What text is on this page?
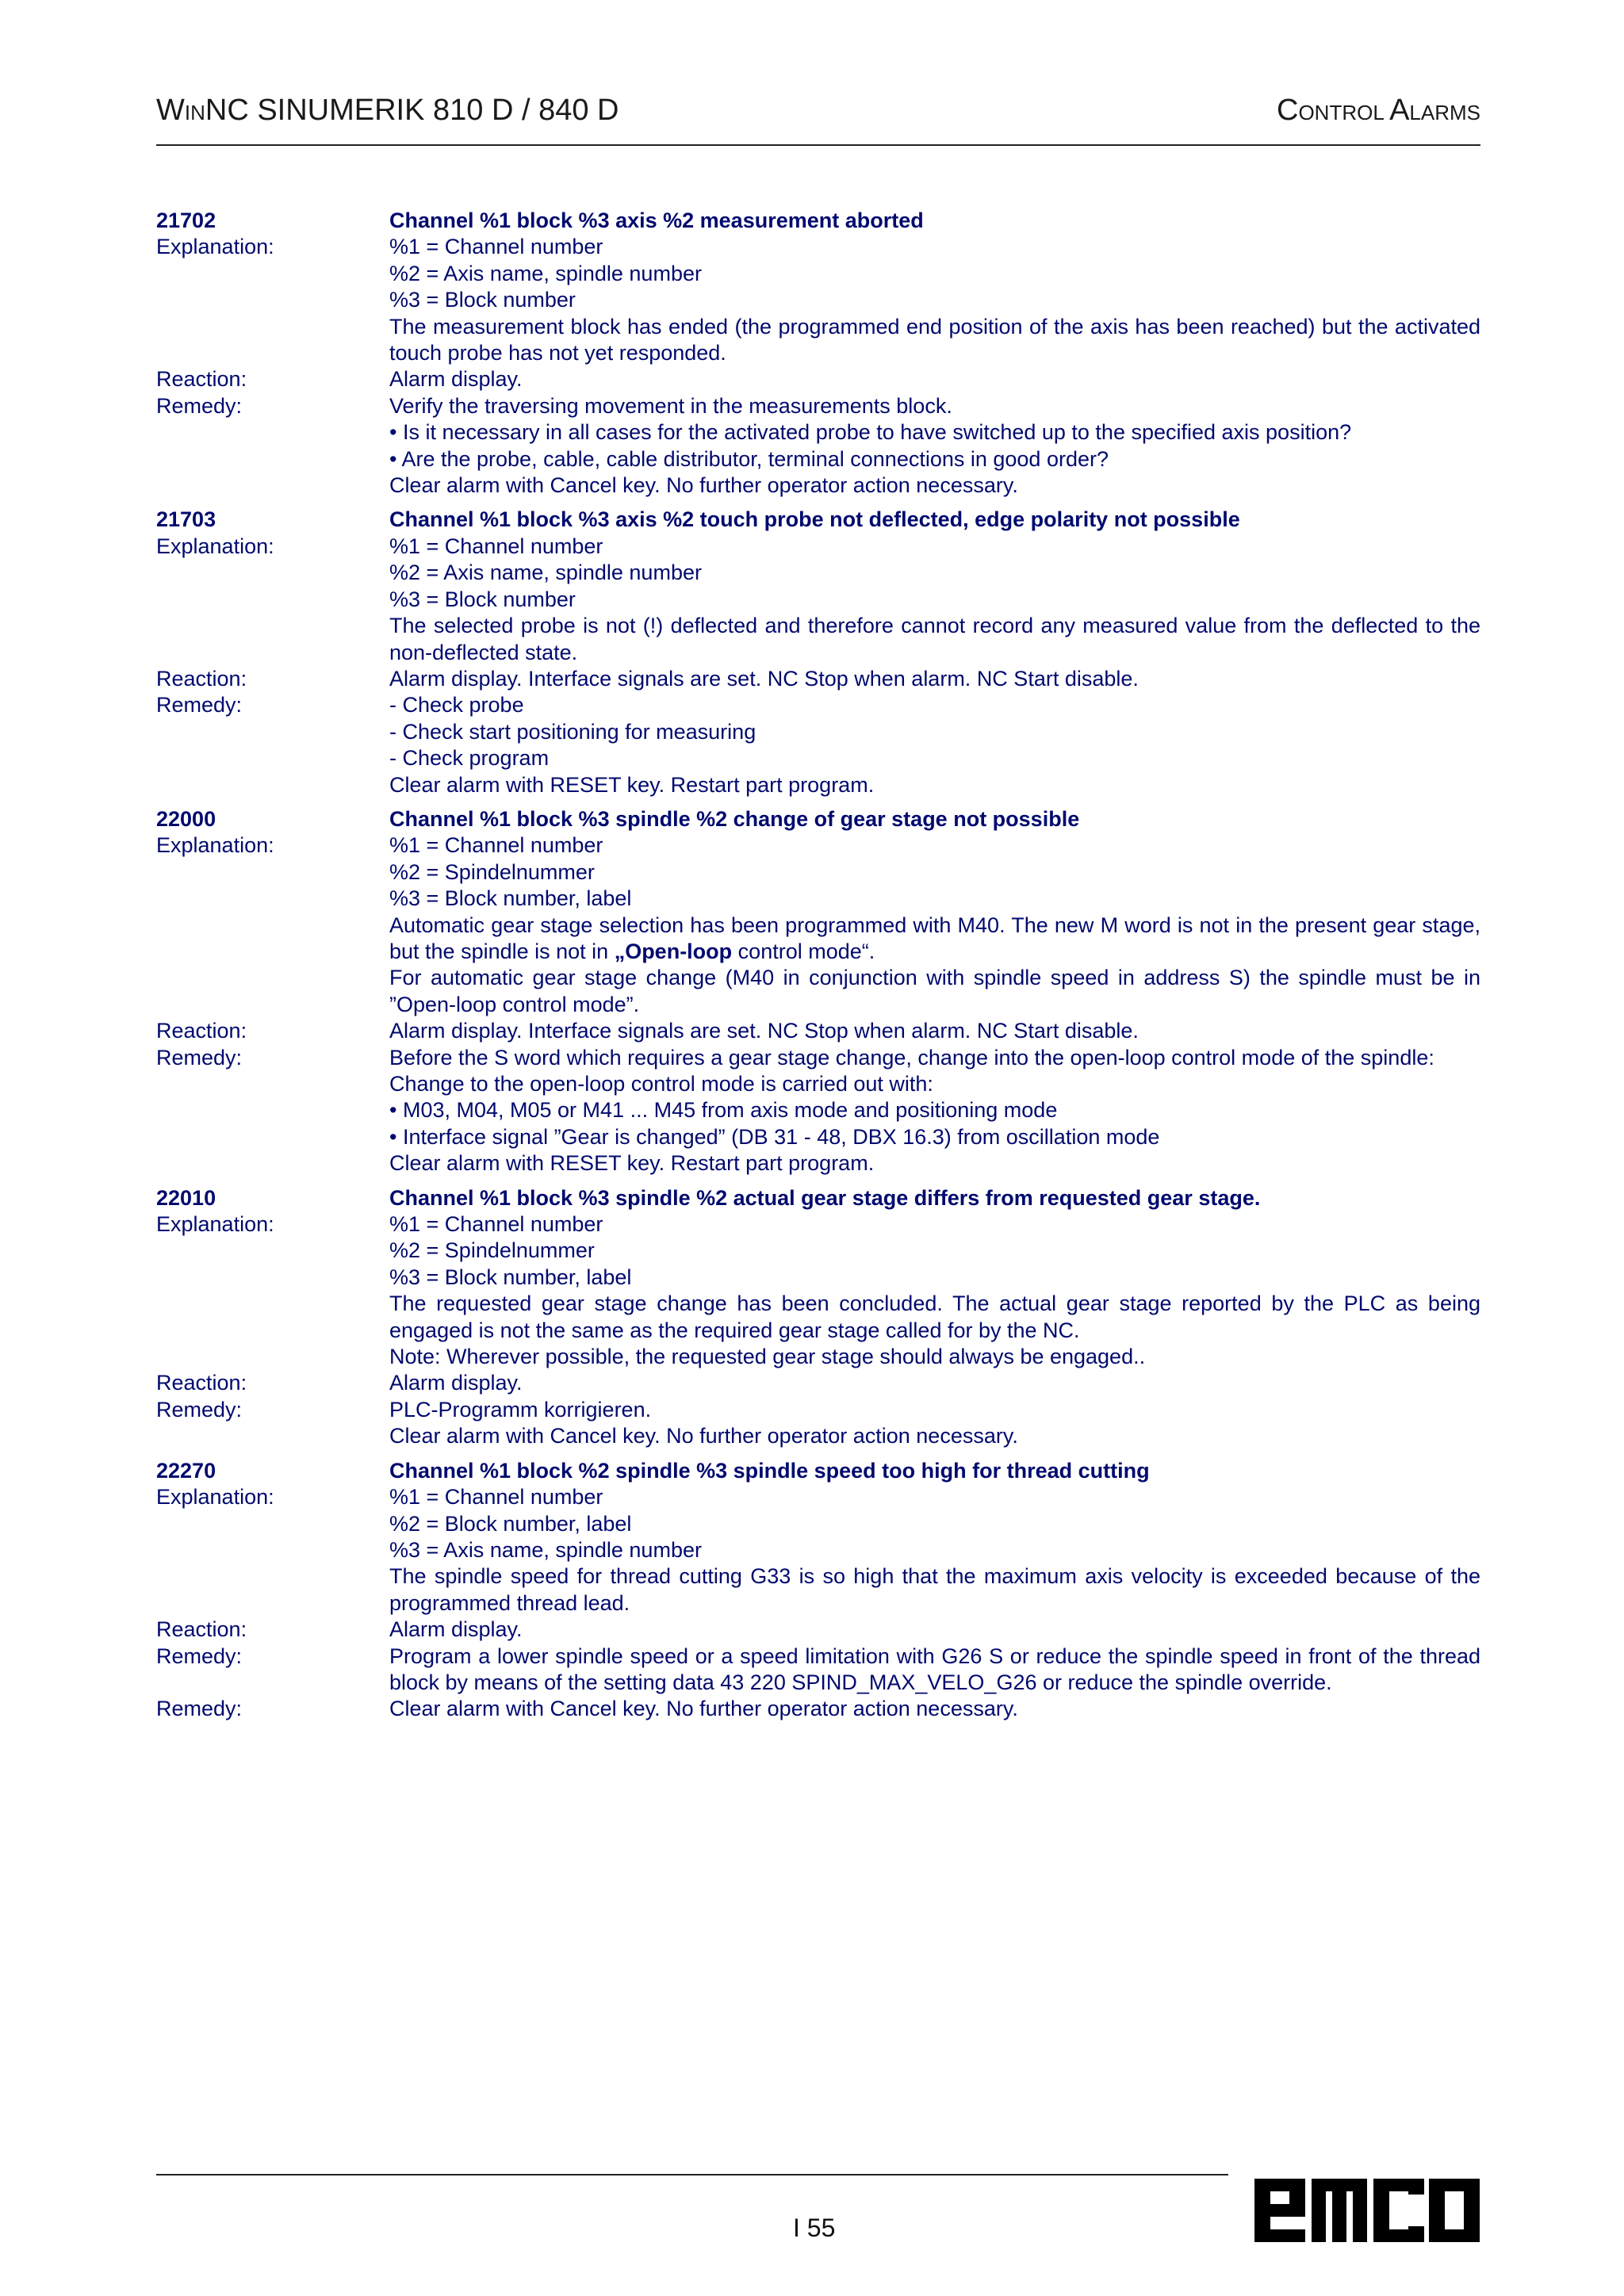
WINNC SINUMERIK 810 D / 840 D	CONTROL ALARMS
21702	Channel %1 block %3 axis %2 measurement aborted
Explanation:	%1 = Channel number
%2 = Axis name, spindle number
%3 = Block number
The measurement block has ended (the programmed end position of the axis has been reached) but the activated touch probe has not yet responded.
Reaction:	Alarm display.
Remedy:	Verify the traversing movement in the measurements block.
• Is it necessary in all cases for the activated probe to have switched up to the specified axis position?
• Are the probe, cable, cable distributor, terminal connections in good order?
Clear alarm with Cancel key. No further operator action necessary.
21703	Channel %1 block %3 axis %2 touch probe not deflected, edge polarity not possible
Explanation:	%1 = Channel number
%2 = Axis name, spindle number
%3 = Block number
The selected probe is not (!) deflected and therefore cannot record any measured value from the deflected to the non-deflected state.
Reaction:	Alarm display. Interface signals are set. NC Stop when alarm. NC Start disable.
Remedy:	- Check probe
- Check start positioning for measuring
- Check program
Clear alarm with RESET key. Restart part program.
22000	Channel %1 block %3 spindle %2 change of gear stage not possible
Explanation:	%1 = Channel number
%2 = Spindelnummer
%3 = Block number, label
Automatic gear stage selection has been programmed with M40. The new M word is not in the present gear stage, but the spindle is not in „Open-loop control mode“.
For automatic gear stage change (M40 in conjunction with spindle speed in address S) the spindle must be in ”Open-loop control mode”.
Reaction:	Alarm display. Interface signals are set. NC Stop when alarm. NC Start disable.
Remedy:	Before the S word which requires a gear stage change, change into the open-loop control mode of the spindle:
Change to the open-loop control mode is carried out with:
• M03, M04, M05 or M41 ... M45 from axis mode and positioning mode
• Interface signal ”Gear is changed” (DB 31 - 48, DBX 16.3) from oscillation mode
Clear alarm with RESET key. Restart part program.
22010	Channel %1 block %3 spindle %2 actual gear stage differs from requested gear stage.
Explanation:	%1 = Channel number
%2 = Spindelnummer
%3 = Block number, label
The requested gear stage change has been concluded. The actual gear stage reported by the PLC as being engaged is not the same as the required gear stage called for by the NC.
Note: Wherever possible, the requested gear stage should always be engaged..
Reaction:	Alarm display.
Remedy:	PLC-Programm korrigieren.
Clear alarm with Cancel key. No further operator action necessary.
22270	Channel %1 block %2 spindle %3 spindle speed too high for thread cutting
Explanation:	%1 = Channel number
%2 = Block number, label
%3 = Axis name, spindle number
The spindle speed for thread cutting G33 is so high that the maximum axis velocity is exceeded because of the programmed thread lead.
Reaction:	Alarm display.
Remedy:	Program a lower spindle speed or a speed limitation with G26 S or reduce the spindle speed in front of the thread block by means of the setting data 43 220 SPIND_MAX_VELO_G26 or reduce the spindle override.
Remedy:	Clear alarm with Cancel key. No further operator action necessary.
I 55
